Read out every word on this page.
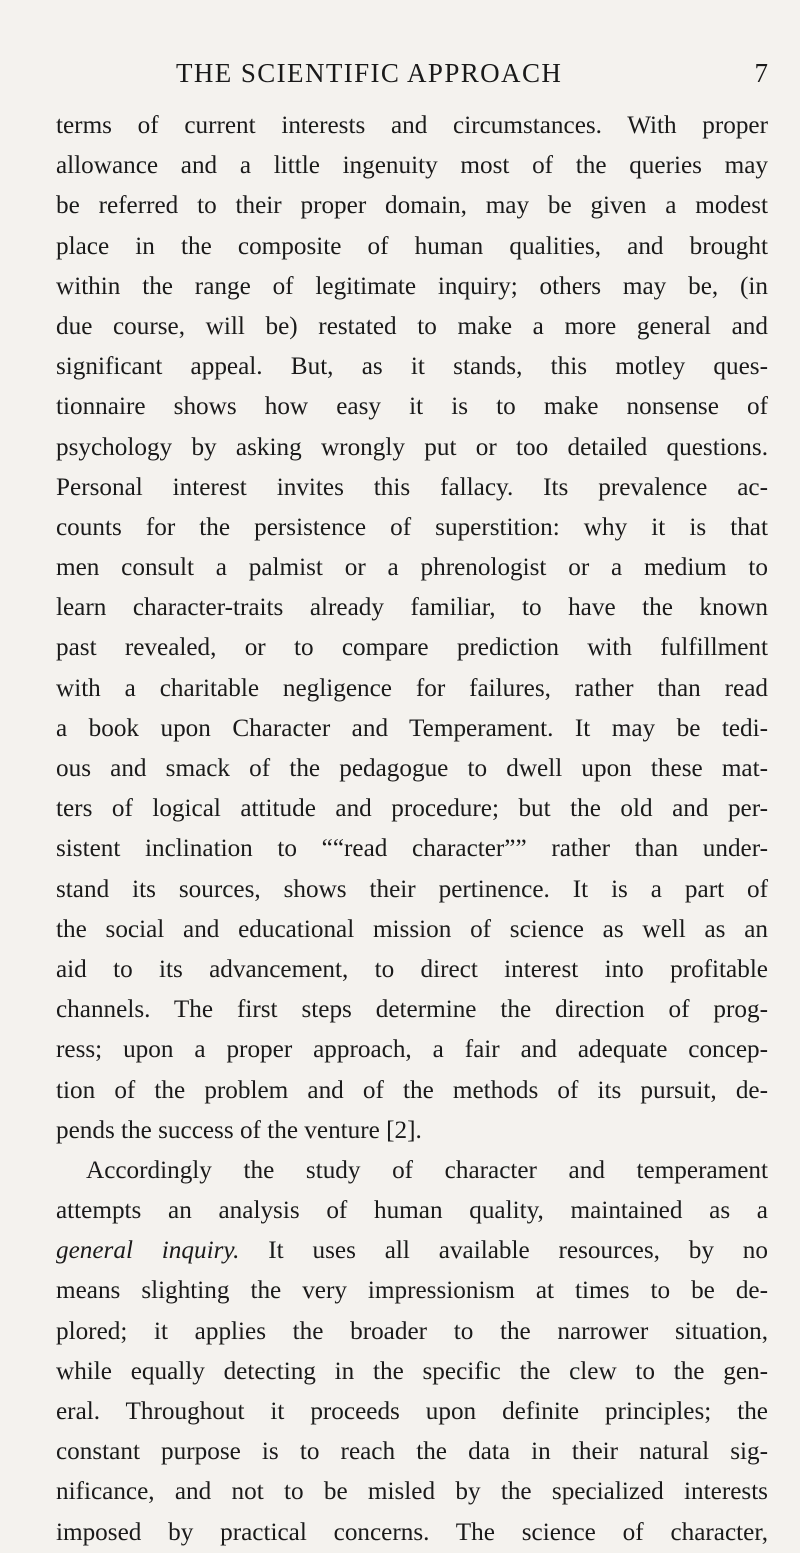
THE SCIENTIFIC APPROACH	7
terms of current interests and circumstances. With proper
allowance and a little ingenuity most of the queries may
be referred to their proper domain, may be given a modest
place in the composite of human qualities, and brought
within the range of legitimate inquiry; others may be, (in
due course, will be) restated to make a more general and
significant appeal. But, as it stands, this motley ques-
tionnaire shows how easy it is to make nonsense of
psychology by asking wrongly put or too detailed questions.
Personal interest invites this fallacy. Its prevalence ac-
counts for the persistence of superstition: why it is that
men consult a palmist or a phrenologist or a medium to
learn character-traits already familiar, to have the known
past revealed, or to compare prediction with fulfillment
with a charitable negligence for failures, rather than read
a book upon Character and Temperament. It may be tedi-
ous and smack of the pedagogue to dwell upon these mat-
ters of logical attitude and procedure; but the old and per-
sistent inclination to ““read character”” rather than under-
stand its sources, shows their pertinence. It is a part of
the social and educational mission of science as well as an
aid to its advancement, to direct interest into profitable
channels. The first steps determine the direction of prog-
ress; upon a proper approach, a fair and adequate concep-
tion of the problem and of the methods of its pursuit, de-
pends the success of the venture [2].
Accordingly the study of character and temperament
attempts an analysis of human quality, maintained as a
general inquiry. It uses all available resources, by no
means slighting the very impressionism at times to be de-
plored; it applies the broader to the narrower situation,
while equally detecting in the specific the clew to the gen-
eral. Throughout it proceeds upon definite principles; the
constant purpose is to reach the data in their natural sig-
nificance, and not to be misled by the specialized interests
imposed by practical concerns. The science of character,
